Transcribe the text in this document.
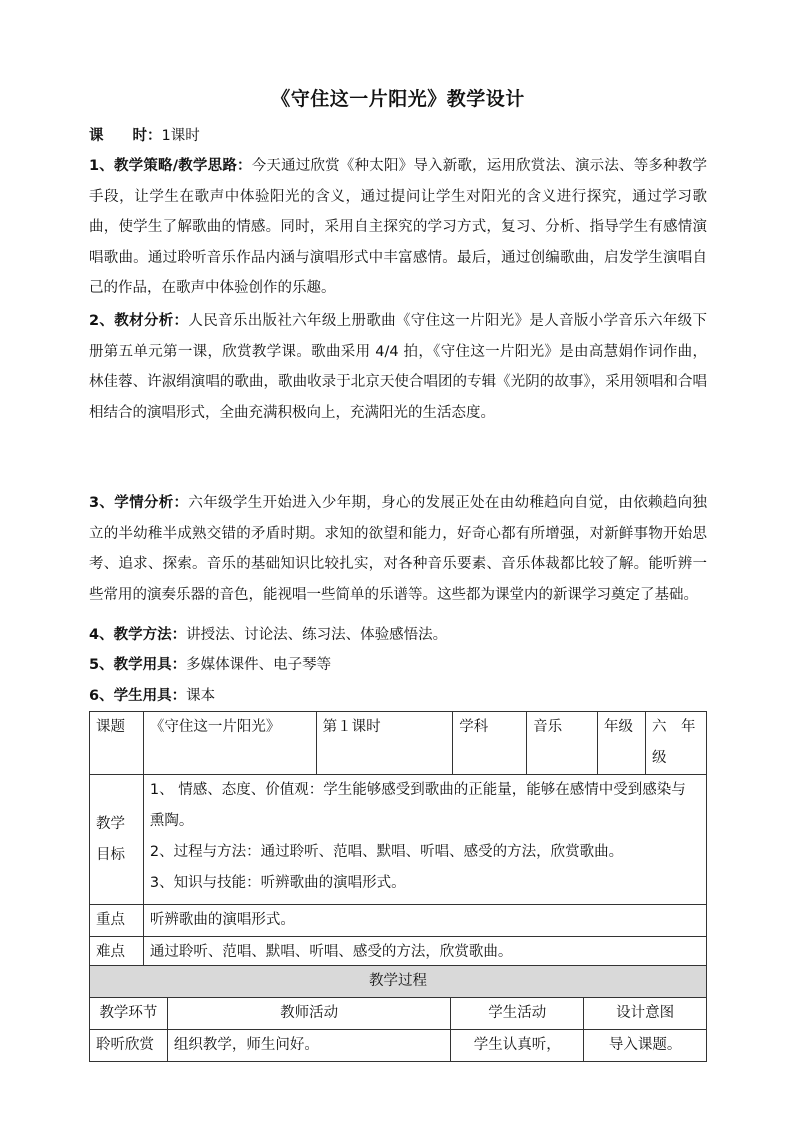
《守住这一片阳光》教学设计
课　　时：1课时
1、教学策略/教学思路：今天通过欣赏《种太阳》导入新歌，运用欣赏法、演示法、等多种教学手段，让学生在歌声中体验阳光的含义，通过提问让学生对阳光的含义进行探究，通过学习歌曲，使学生了解歌曲的情感。同时，采用自主探究的学习方式，复习、分析、指导学生有感情演唱歌曲。通过聆听音乐作品内涵与演唱形式中丰富感情。最后，通过创编歌曲，启发学生演唱自己的作品，在歌声中体验创作的乐趣。
2、教材分析：人民音乐出版社六年级上册歌曲《守住这一片阳光》是人音版小学音乐六年级下册第五单元第一课，欣赏教学课。歌曲采用 4/4 拍，《守住这一片阳光》是由高慧娟作词作曲，林佳蓉、许淑绢演唱的歌曲，歌曲收录于北京天使合唱团的专辑《光阴的故事》，采用领唱和合唱相结合的演唱形式，全曲充满积极向上，充满阳光的生活态度。
3、学情分析：六年级学生开始进入少年期，身心的发展正处在由幼稚趋向自觉，由依赖趋向独立的半幼稚半成熟交错的矛盾时期。求知的欲望和能力，好奇心都有所增强，对新鲜事物开始思考、追求、探索。音乐的基础知识比较扎实，对各种音乐要素、音乐体裁都比较了解。能听辨一些常用的演奏乐器的音色，能视唱一些简单的乐谱等。这些都为课堂内的新课学习奠定了基础。
4、教学方法：讲授法、讨论法、练习法、体验感悟法。
5、教学用具：多媒体课件、电子琴等
6、学生用具：课本
课题	《守住这一片阳光》	第１课时	学科	音乐	年级	六　年级
教学目标	1、 情感、态度、价值观：学生能够感受到歌曲的正能量，能够在感情中受到感染与熏陶。
2、过程与方法：通过聆听、范唱、默唱、听唱、感受的方法，欣赏歌曲。
3、知识与技能：听辨歌曲的演唱形式。					

重点	听辨歌曲的演唱形式。					
难点	通过聆听、范唱、默唱、听唱、感受的方法，欣赏歌曲。					
教学过程			
教学环节	教师活动	学生活动	设计意图
聆听欣赏	组织教学，师生问好。	学生认真听，	导入课题。
